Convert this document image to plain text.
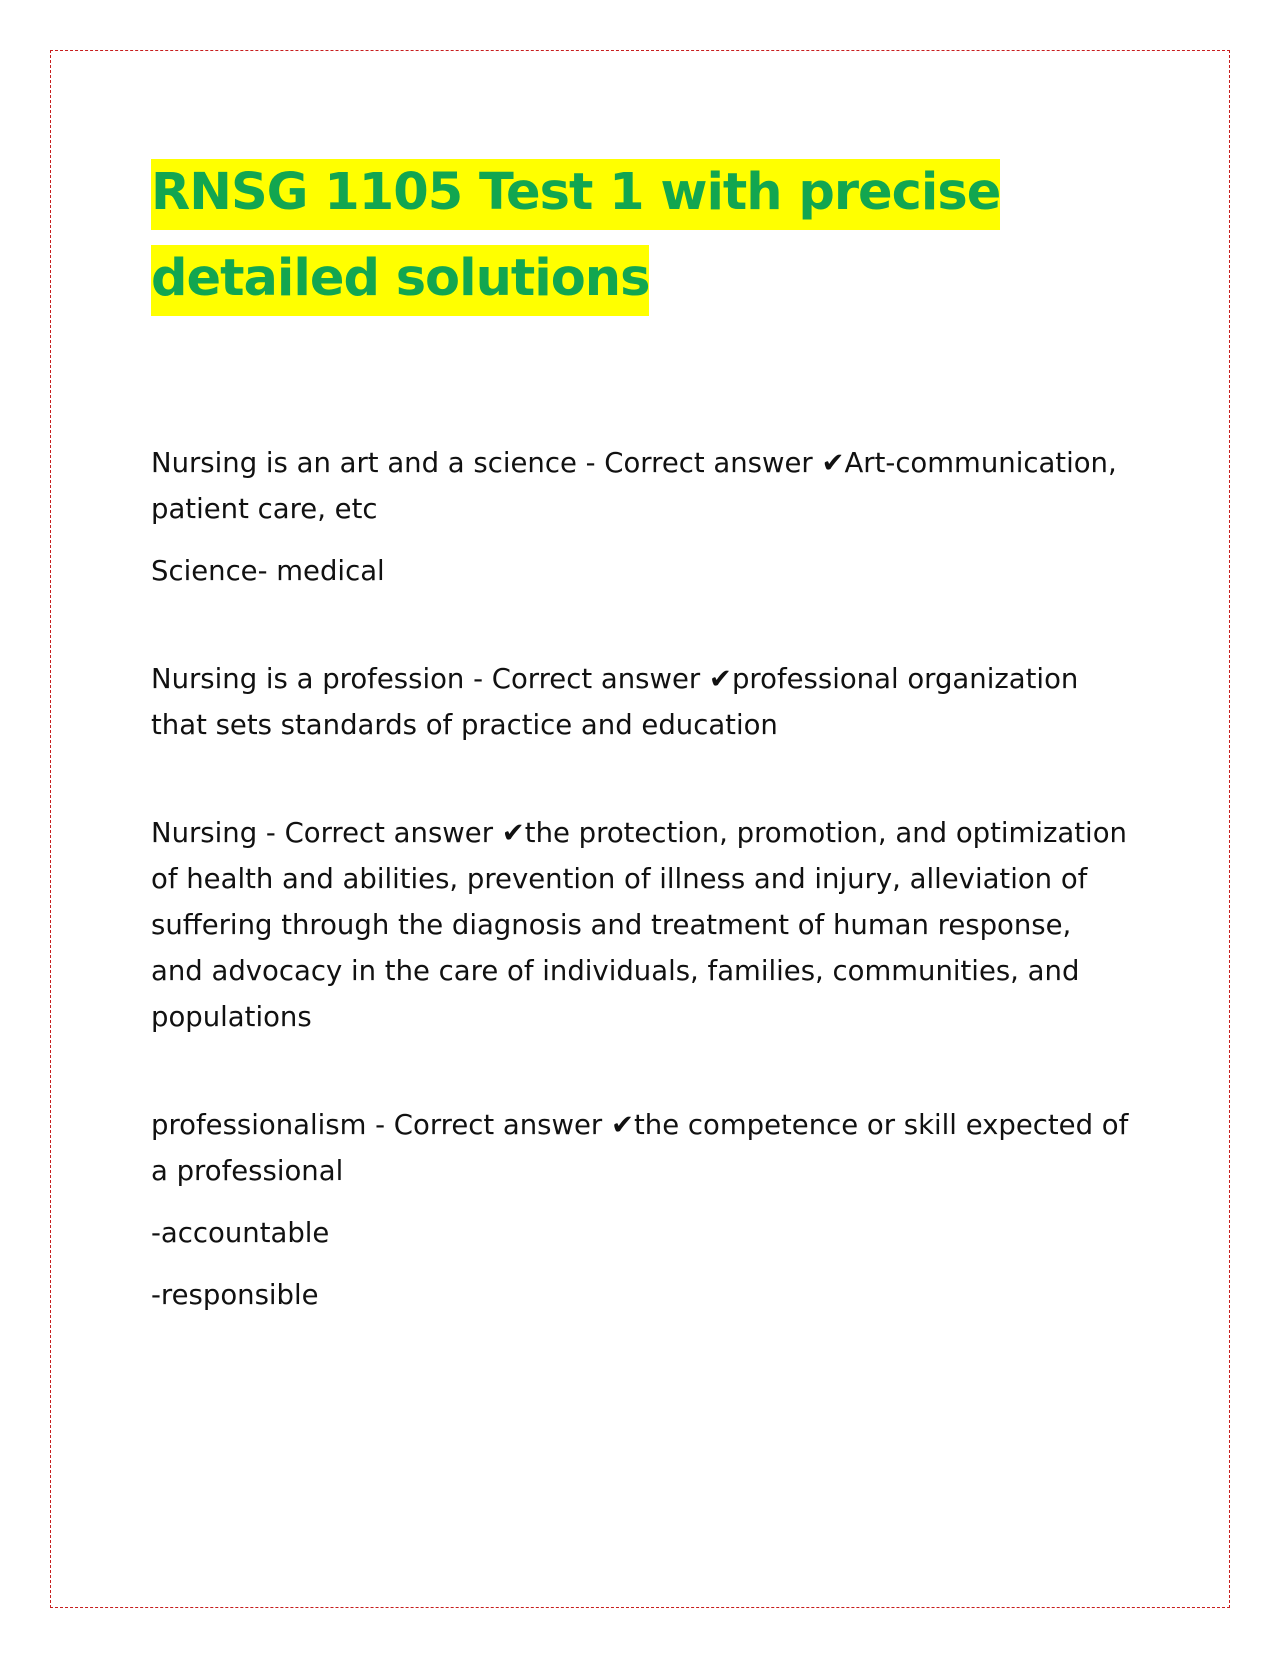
RNSG 1105 Test 1 with precise
detailed solutions

Nursing is an art and a science - Correct answer ✔Art-communication, patient care, etc

Science- medical

Nursing is a profession - Correct answer ✔professional organization that sets standards of practice and education

Nursing - Correct answer ✔the protection, promotion, and optimization of health and abilities, prevention of illness and injury, alleviation of suffering through the diagnosis and treatment of human response, and advocacy in the care of individuals, families, communities, and populations

professionalism - Correct answer ✔the competence or skill expected of a professional

-accountable

-responsible
